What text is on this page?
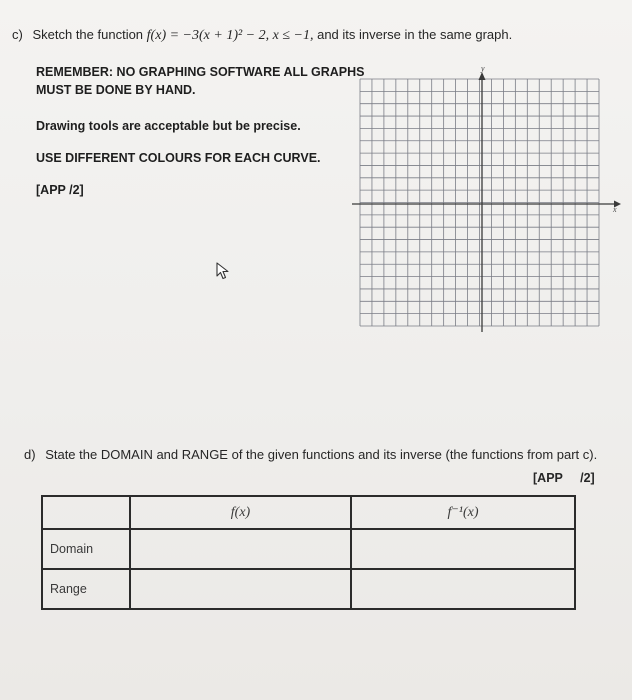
c) Sketch the function f(x) = −3(x + 1)² − 2, x ≤ −1, and its inverse in the same graph.
REMEMBER: NO GRAPHING SOFTWARE ALL GRAPHS
MUST BE DONE BY HAND.
Drawing tools are acceptable but be precise.
USE DIFFERENT COLOURS FOR EACH CURVE.
[APP /2]
y
x
d) State the DOMAIN and RANGE of the given functions and its inverse (the functions from part c).
[APP /2]
	f(x)	f⁻¹(x)
Domain		
Range		
